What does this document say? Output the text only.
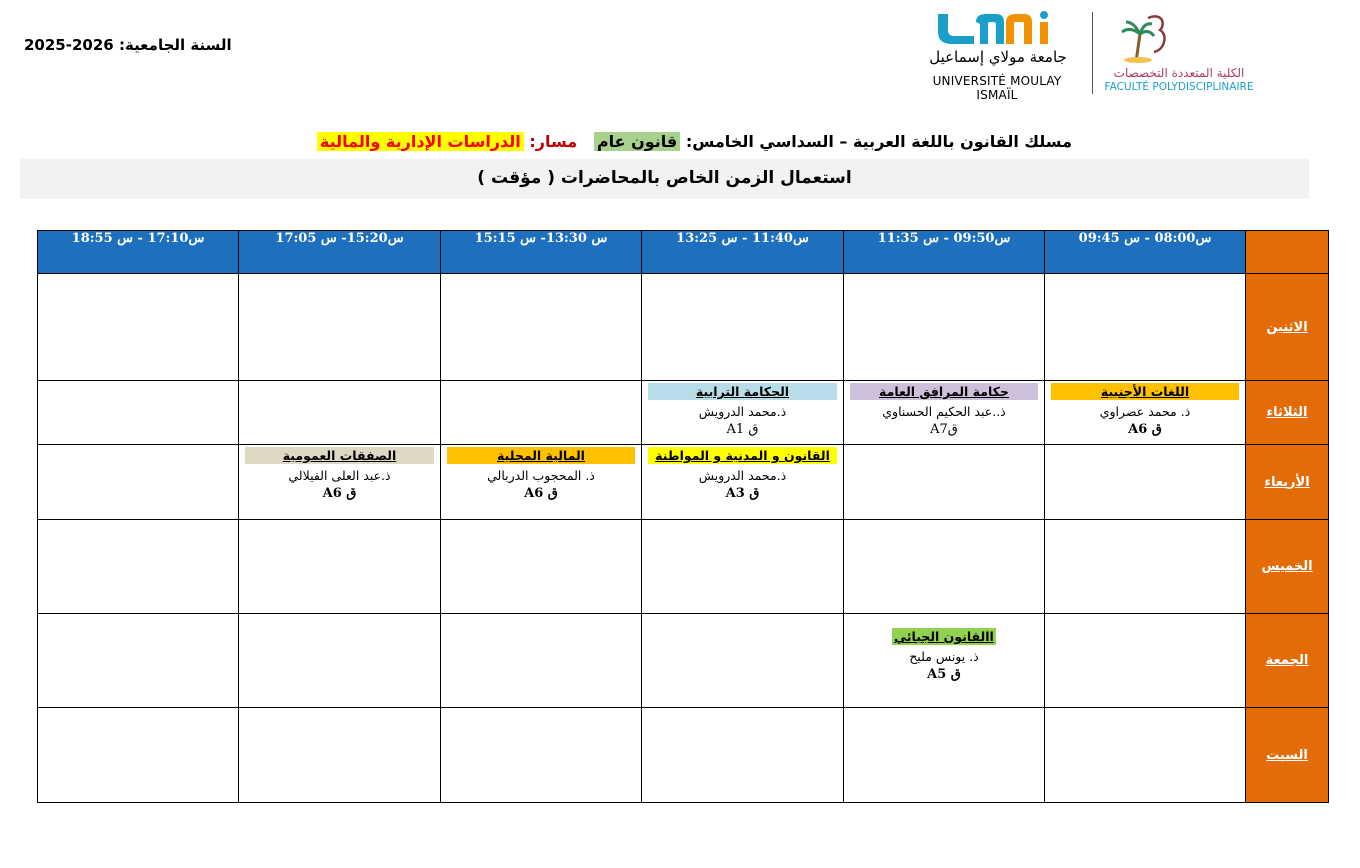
السنة الجامعية: 2026-2025
جامعة مولاي إسماعيل
UNIVERSITÉ MOULAY ISMAÏL
الكلية المتعددة التخصصات
FACULTÉ POLYDISCIPLINAIRE
مسلك القانون باللغة العربية – السداسي الخامس: قانون عام   مسار: الدراسات الإدارية والمالية
استعمال الزمن الخاص بالمحاضرات ( مؤقت )
س17:10 - س 18:55	س15:20- س 17:05	س 13:30- س 15:15	س11:40 - س 13:25	س09:50 - س 11:35	س08:00 - س 09:45	
						الاثنين

			الحكامة الترابية
ذ.محمد الدرويش
ق A1	حكامة المرافق العامة
ذ..عبد الحكيم الحسناوي
قA7	اللغات الأجنبية
ذ. محمد عصراوي
ق A6	الثلاثاء

	الصفقات العمومية
ذ.عبد العلى الفيلالي
ق A6	المالية المحلية
ذ. المحجوب الدربالي
ق A6	القانون و المدنية و المواطنة
ذ.محمد الدرويش
ق A3			الأربعاء
						الخميس

				االقانون الجبائي
ذ. يونس مليح
ق A5		الجمعة
						السبت
